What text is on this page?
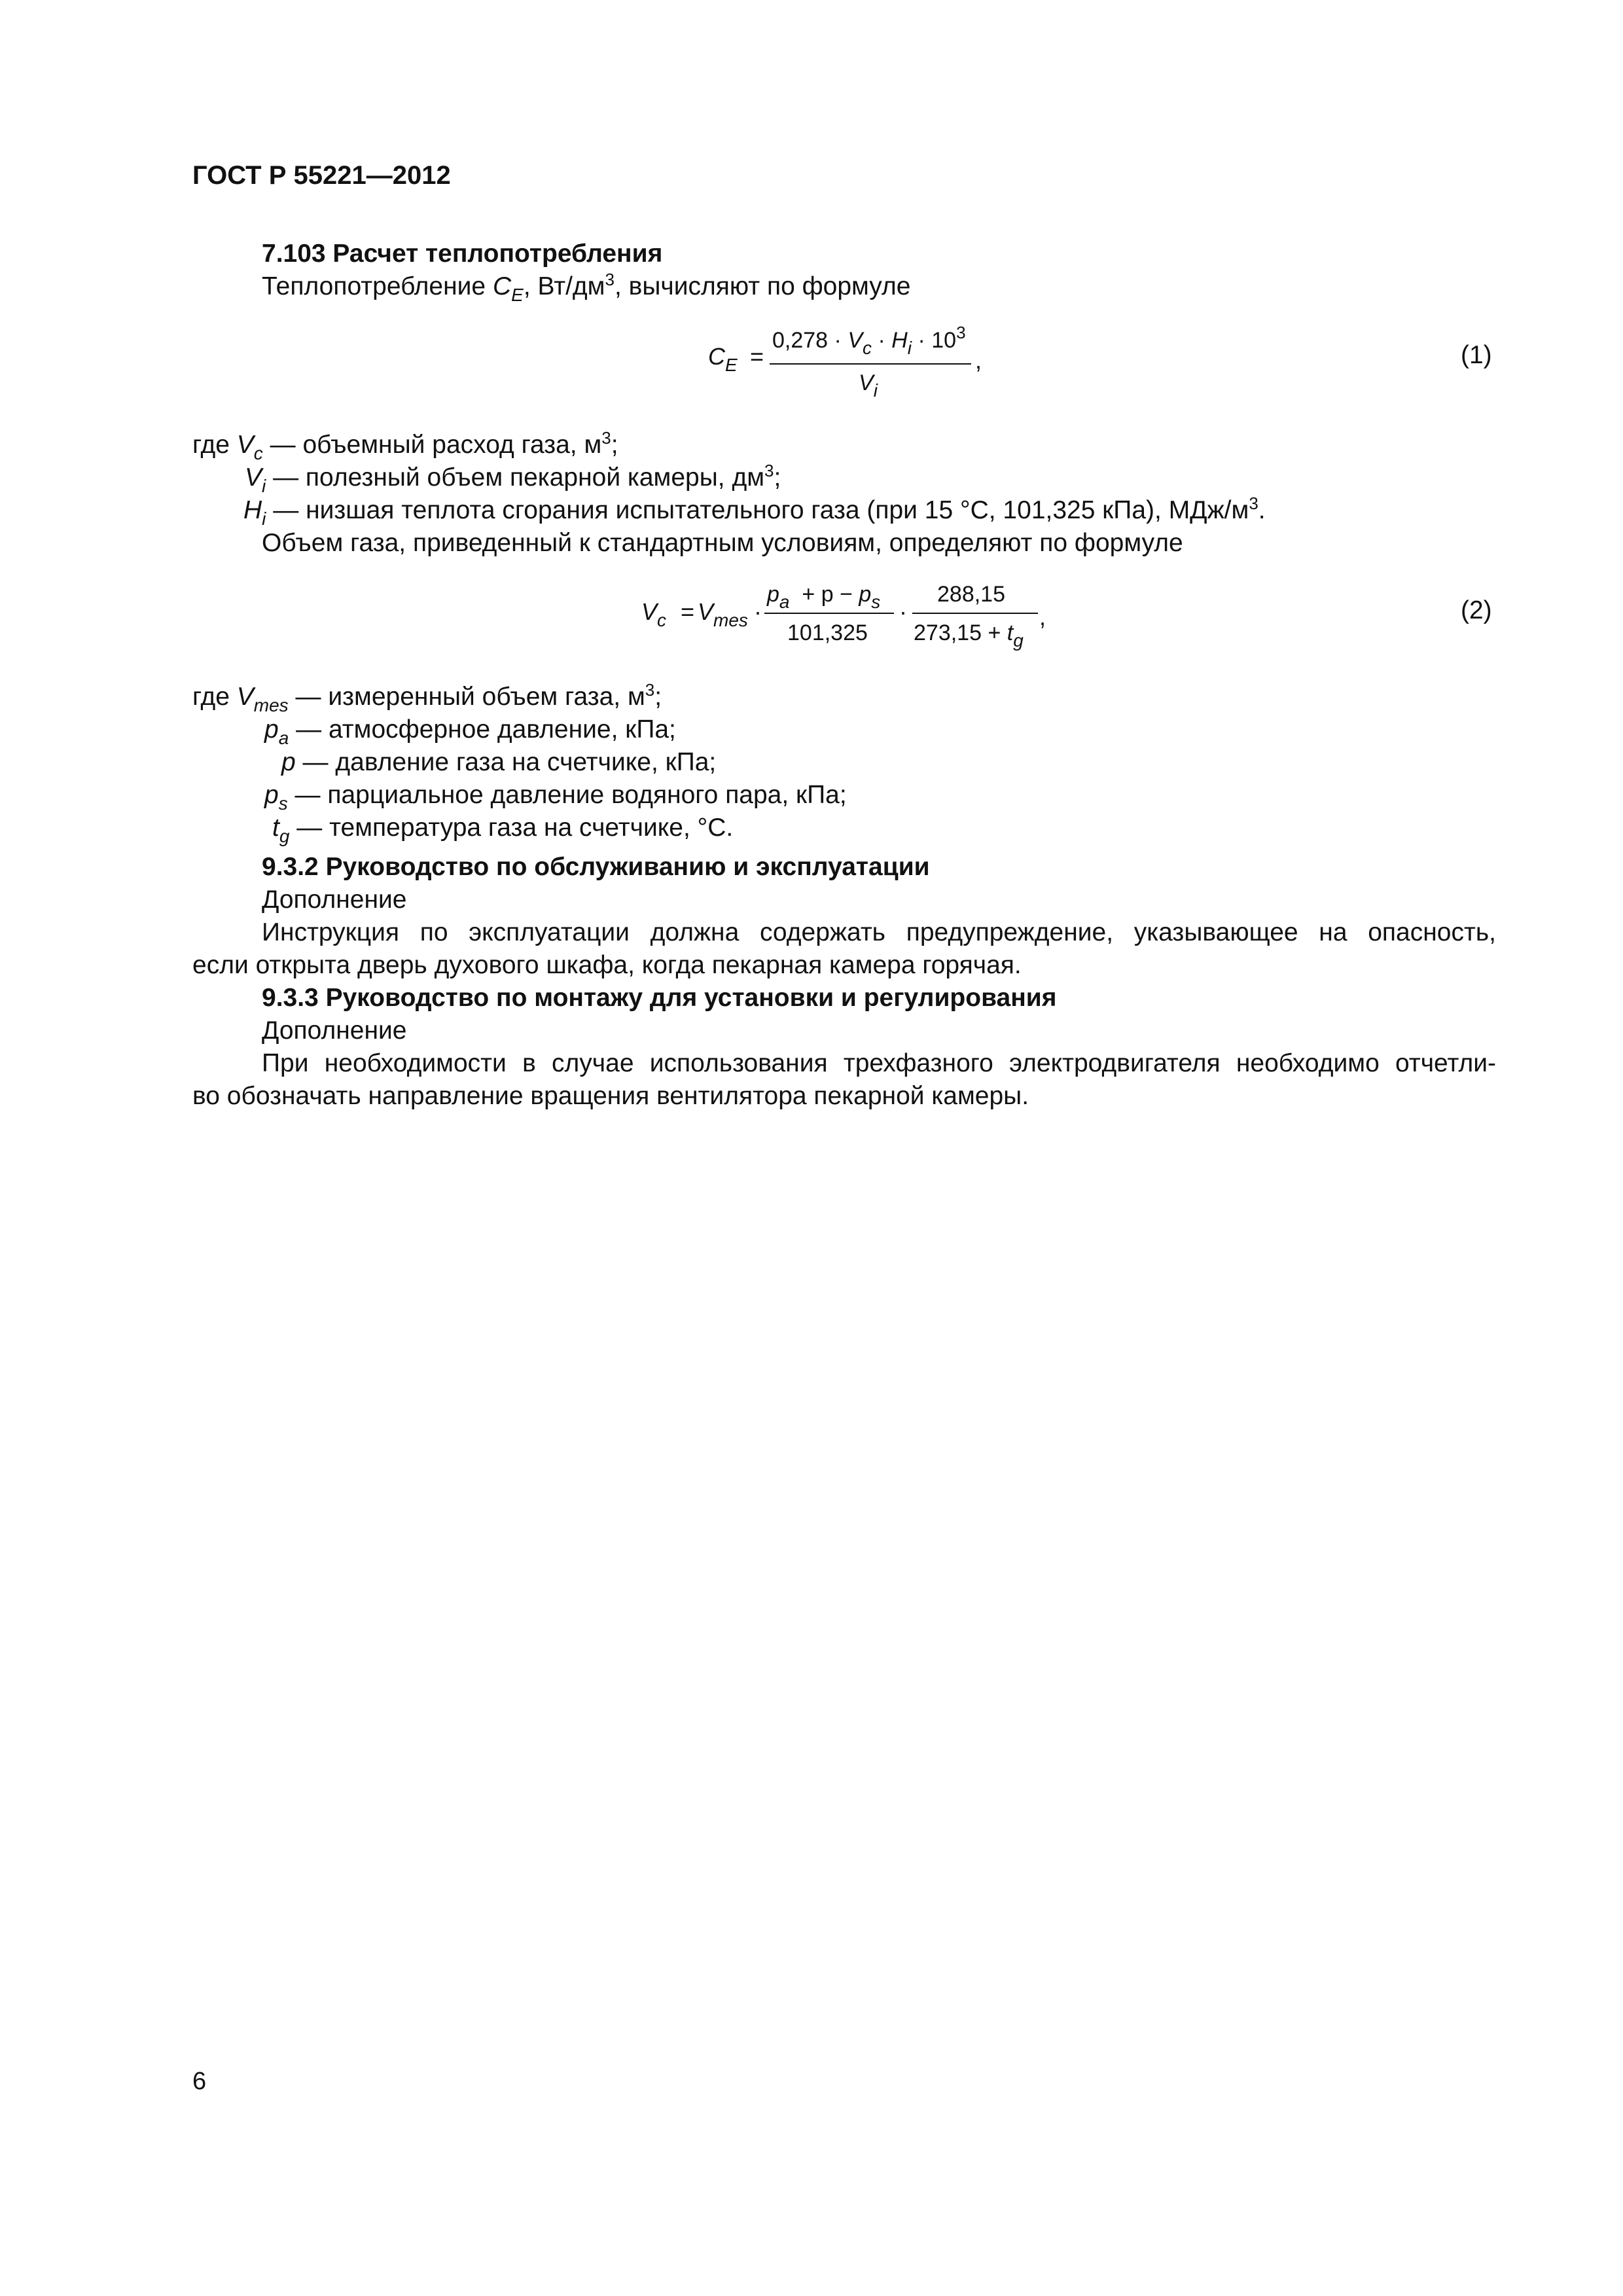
ГОСТ Р 55221—2012
7.103 Расчет теплопотребления
Теплопотребление $C_E$, $Вт/дм^3$, вычисляют по формуле
$C_E$ =
$0,278 \cdot V_c \cdot H_i \cdot 10^3$
$V_i$
,	(1)
где $V_c$ — объемный расход газа, $м^3$;
$V_i$ — полезный объем пекарной камеры, $дм^3$;
$H_i$ — низшая теплота сгорания испытательного газа (при 15 °С, 101,325 кПа), МДж/$м^3$.
Объем газа, приведенный к стандартным условиям, определяют по формуле
$V_c = V_{mes}$ ·
$p_a + p - p_s$
101,325
·
288,15
$273,15 + t_g$
,	(2)
где $V_{mes}$ — измеренный объем газа, $м^3$;
$p_a$ — атмосферное давление, кПа;
p — давление газа на счетчике, кПа;
$p_s$ — парциальное давление водяного пара, кПа;
$t_g$ — температура газа на счетчике, °С.
9.3.2 Руководство по обслуживанию и эксплуатации
Дополнение
Инструкция по эксплуатации должна содержать предупреждение, указывающее на опасность,
если открыта дверь духового шкафа, когда пекарная камера горячая.
9.3.3 Руководство по монтажу для установки и регулирования
Дополнение
При необходимости в случае использования трехфазного электродвигателя необходимо отчетли-
во обозначать направление вращения вентилятора пекарной камеры.
6
